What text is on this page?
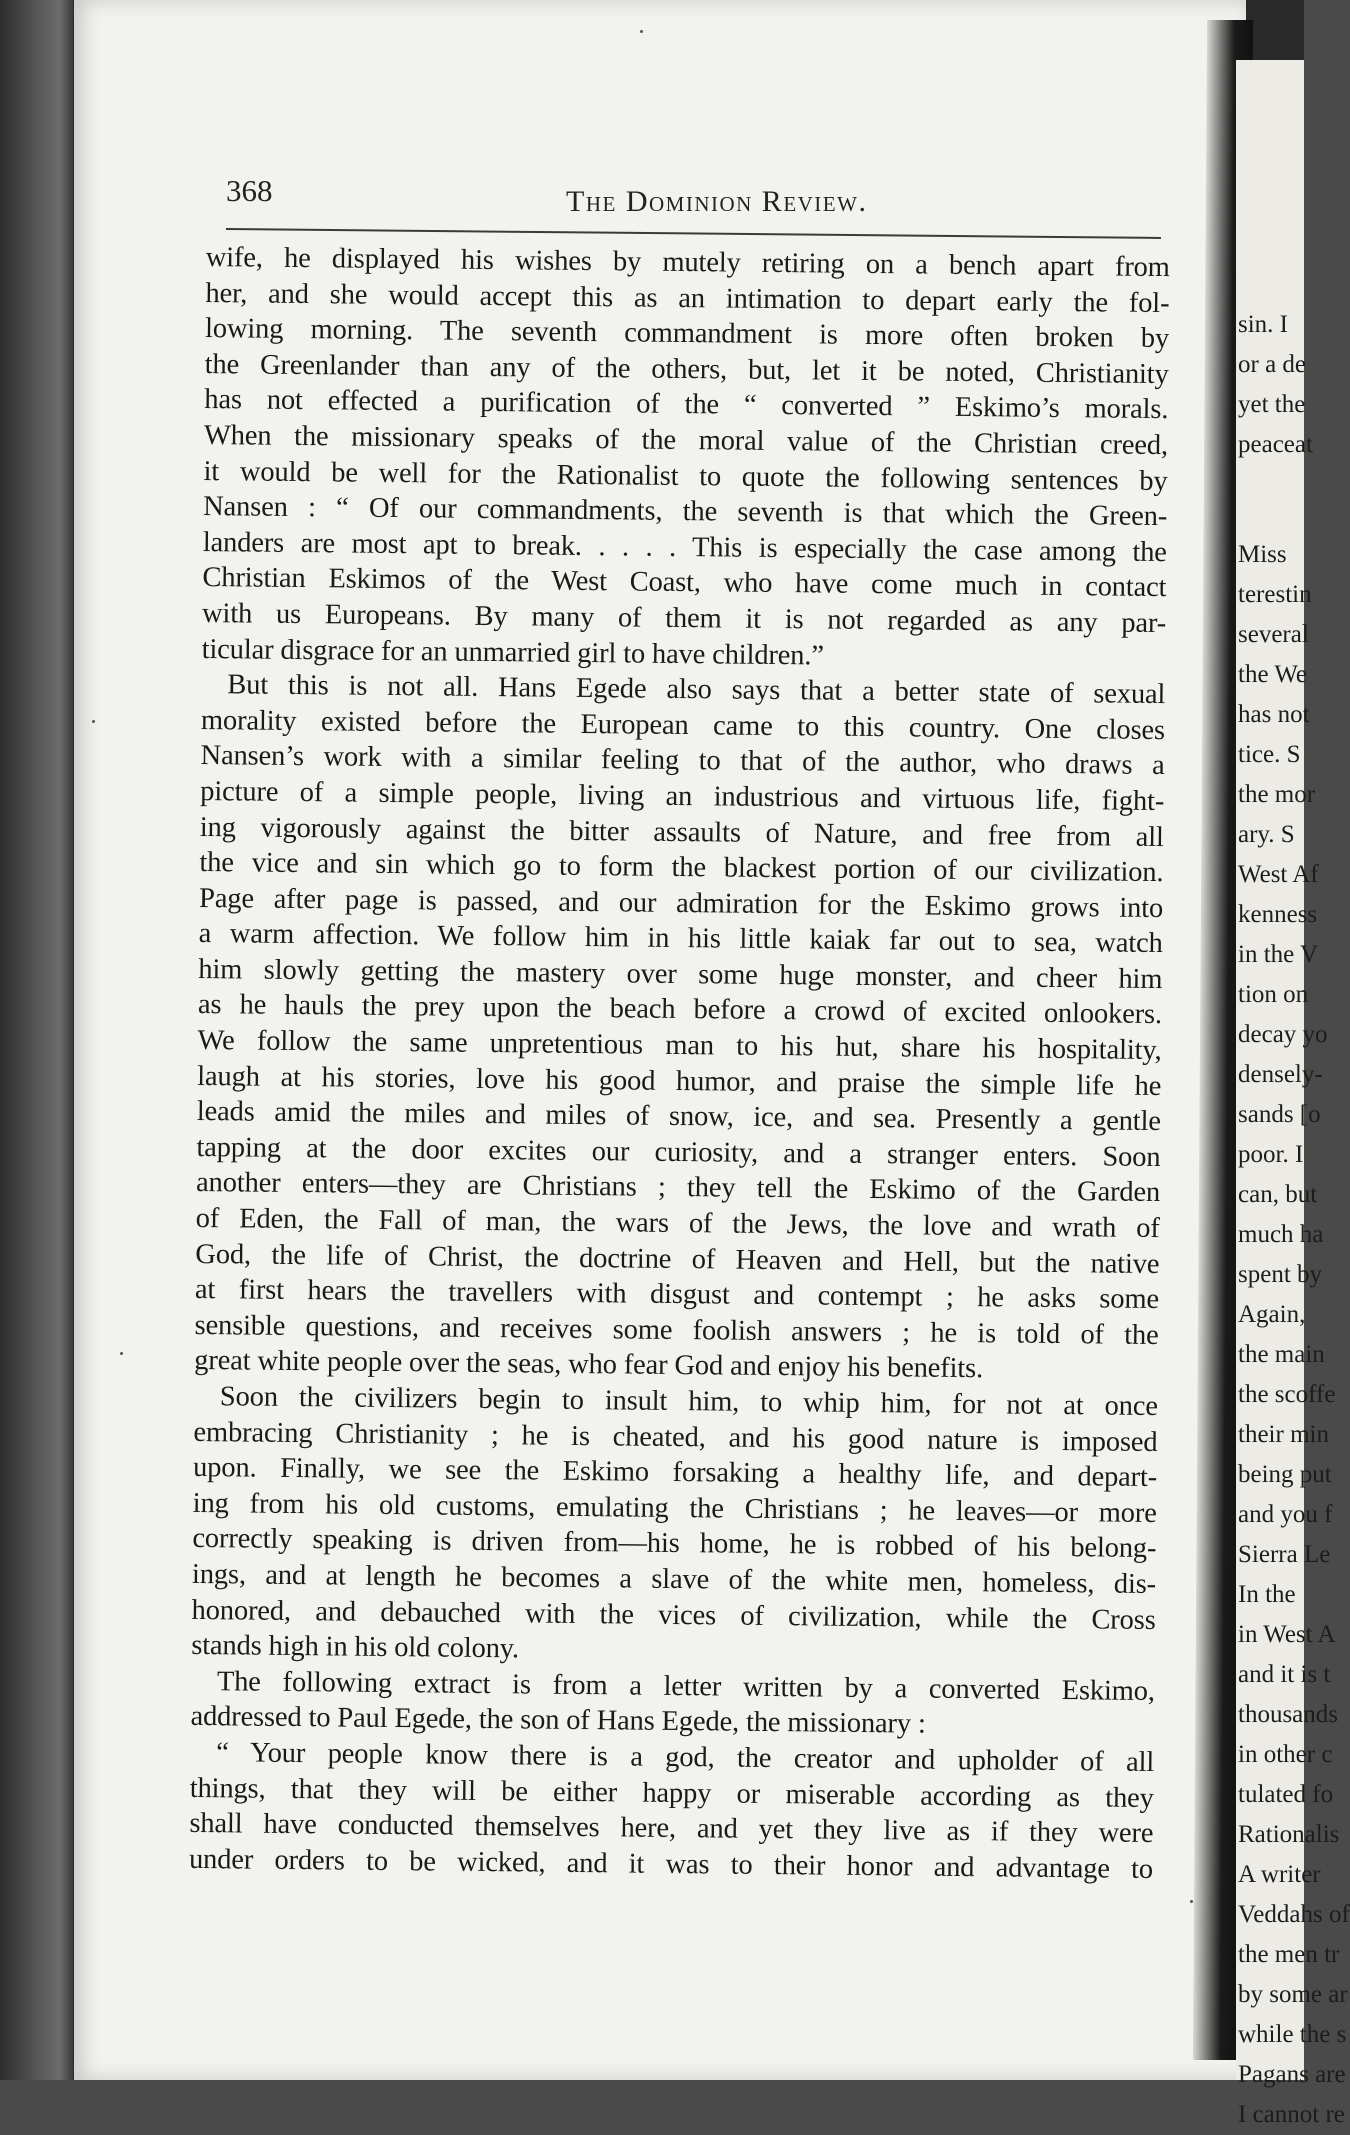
sin. I
or a de
yet the
peaceat
Miss
terestin
several
the We
has not
tice. S
the mor
ary. S
West Af
kenness
in the V
tion on
decay yo
densely-
sands [o
poor. I
can, but
much ha
spent by
Again,
the main
the scoffe
their min
being put
and you f
Sierra Le
In the
in West A
and it is t
thousands
in other c
tulated fo
Rationalis
A writer
Veddahs of
the men tr
by some ar
while the s
Pagans are
I cannot re
368	The Dominion Review.
wife, he displayed his wishes by mutely retiring on a bench apart from
her, and she would accept this as an intimation to depart early the fol-
lowing morning. The seventh commandment is more often broken by
the Greenlander than any of the others, but, let it be noted, Christianity
has not effected a purification of the “ converted ” Eskimo’s morals.
When the missionary speaks of the moral value of the Christian creed,
it would be well for the Rationalist to quote the following sentences by
Nansen : “ Of our commandments, the seventh is that which the Green-
landers are most apt to break. . . . . This is especially the case among the
Christian Eskimos of the West Coast, who have come much in contact
with us Europeans. By many of them it is not regarded as any par-
ticular disgrace for an unmarried girl to have children.”
But this is not all. Hans Egede also says that a better state of sexual
morality existed before the European came to this country. One closes
Nansen’s work with a similar feeling to that of the author, who draws a
picture of a simple people, living an industrious and virtuous life, fight-
ing vigorously against the bitter assaults of Nature, and free from all
the vice and sin which go to form the blackest portion of our civilization.
Page after page is passed, and our admiration for the Eskimo grows into
a warm affection. We follow him in his little kaiak far out to sea, watch
him slowly getting the mastery over some huge monster, and cheer him
as he hauls the prey upon the beach before a crowd of excited onlookers.
We follow the same unpretentious man to his hut, share his hospitality,
laugh at his stories, love his good humor, and praise the simple life he
leads amid the miles and miles of snow, ice, and sea. Presently a gentle
tapping at the door excites our curiosity, and a stranger enters. Soon
another enters—they are Christians ; they tell the Eskimo of the Garden
of Eden, the Fall of man, the wars of the Jews, the love and wrath of
God, the life of Christ, the doctrine of Heaven and Hell, but the native
at first hears the travellers with disgust and contempt ; he asks some
sensible questions, and receives some foolish answers ; he is told of the
great white people over the seas, who fear God and enjoy his benefits.
Soon the civilizers begin to insult him, to whip him, for not at once
embracing Christianity ; he is cheated, and his good nature is imposed
upon. Finally, we see the Eskimo forsaking a healthy life, and depart-
ing from his old customs, emulating the Christians ; he leaves—or more
correctly speaking is driven from—his home, he is robbed of his belong-
ings, and at length he becomes a slave of the white men, homeless, dis-
honored, and debauched with the vices of civilization, while the Cross
stands high in his old colony.
The following extract is from a letter written by a converted Eskimo,
addressed to Paul Egede, the son of Hans Egede, the missionary :
“ Your people know there is a god, the creator and upholder of all
things, that they will be either happy or miserable according as they
shall have conducted themselves here, and yet they live as if they were
under orders to be wicked, and it was to their honor and advantage to
